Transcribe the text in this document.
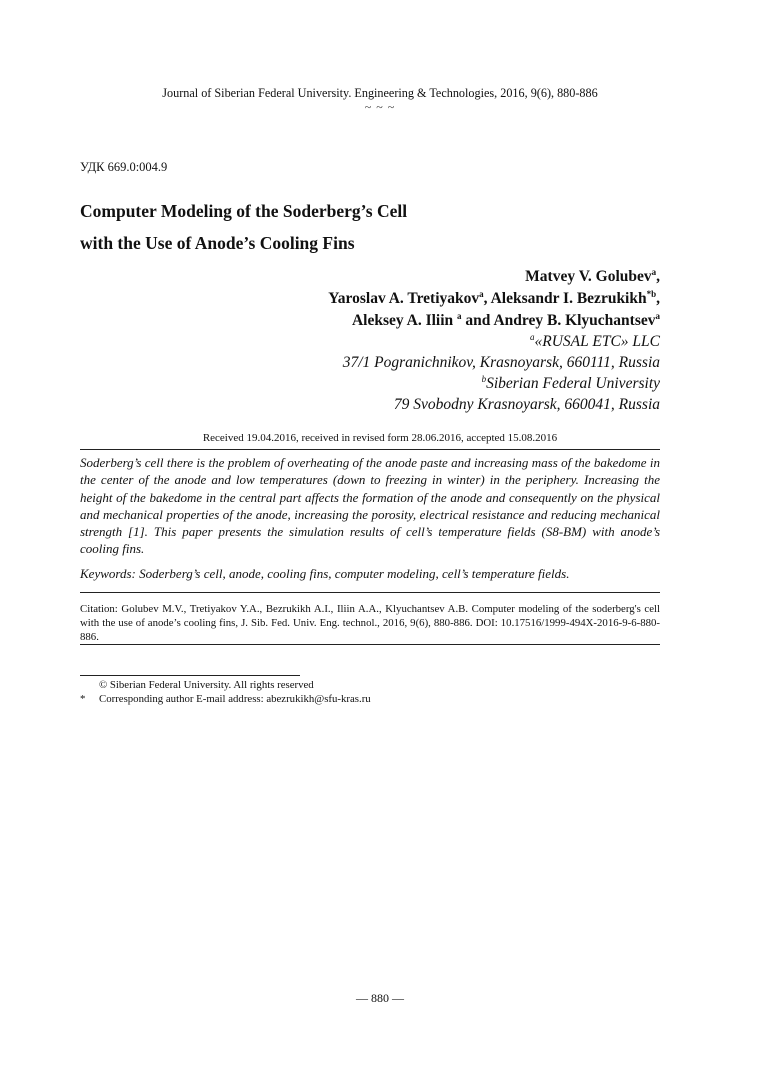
Journal of Siberian Federal University. Engineering & Technologies, 2016, 9(6), 880-886
~ ~ ~
УДК 669.0:004.9
Computer Modeling of the Soderberg’s Cell
with the Use of Anode’s Cooling Fins
Matvey V. Golubev$^a$,
Yaroslav A. Tretiyakov$^a$, Aleksandr I. Bezrukikh$^{*b}$,
Aleksey A. Iliin $^a$ and Andrey B. Klyuchantsev$^a$
$^a$«RUSAL ETC» LLC
37/1 Pogranichnikov, Krasnoyarsk, 660111, Russia
$^b$Siberian Federal University
79 Svobodny Krasnoyarsk, 660041, Russia
Received 19.04.2016, received in revised form 28.06.2016, accepted 15.08.2016
Soderberg’s cell there is the problem of overheating of the anode paste and increasing mass of the bakedome in the center of the anode and low temperatures (down to freezing in winter) in the periphery. Increasing the height of the bakedome in the central part affects the formation of the anode and consequently on the physical and mechanical properties of the anode, increasing the porosity, electrical resistance and reducing mechanical strength [1]. This paper presents the simulation results of cell’s temperature fields (S8-BM) with anode’s cooling fins.
Keywords: Soderberg’s cell, anode, cooling fins, computer modeling, cell’s temperature fields.
Citation: Golubev M.V., Tretiyakov Y.A., Bezrukikh A.I., Iliin A.A., Klyuchantsev A.B. Computer modeling of the soderberg's cell with the use of anode’s cooling fins, J. Sib. Fed. Univ. Eng. technol., 2016, 9(6), 880-886. DOI: 10.17516/1999-494X-2016-9-6-880-886.
© Siberian Federal University. All rights reserved
* Corresponding author E-mail address: abezrukikh@sfu-kras.ru
— 880 —
